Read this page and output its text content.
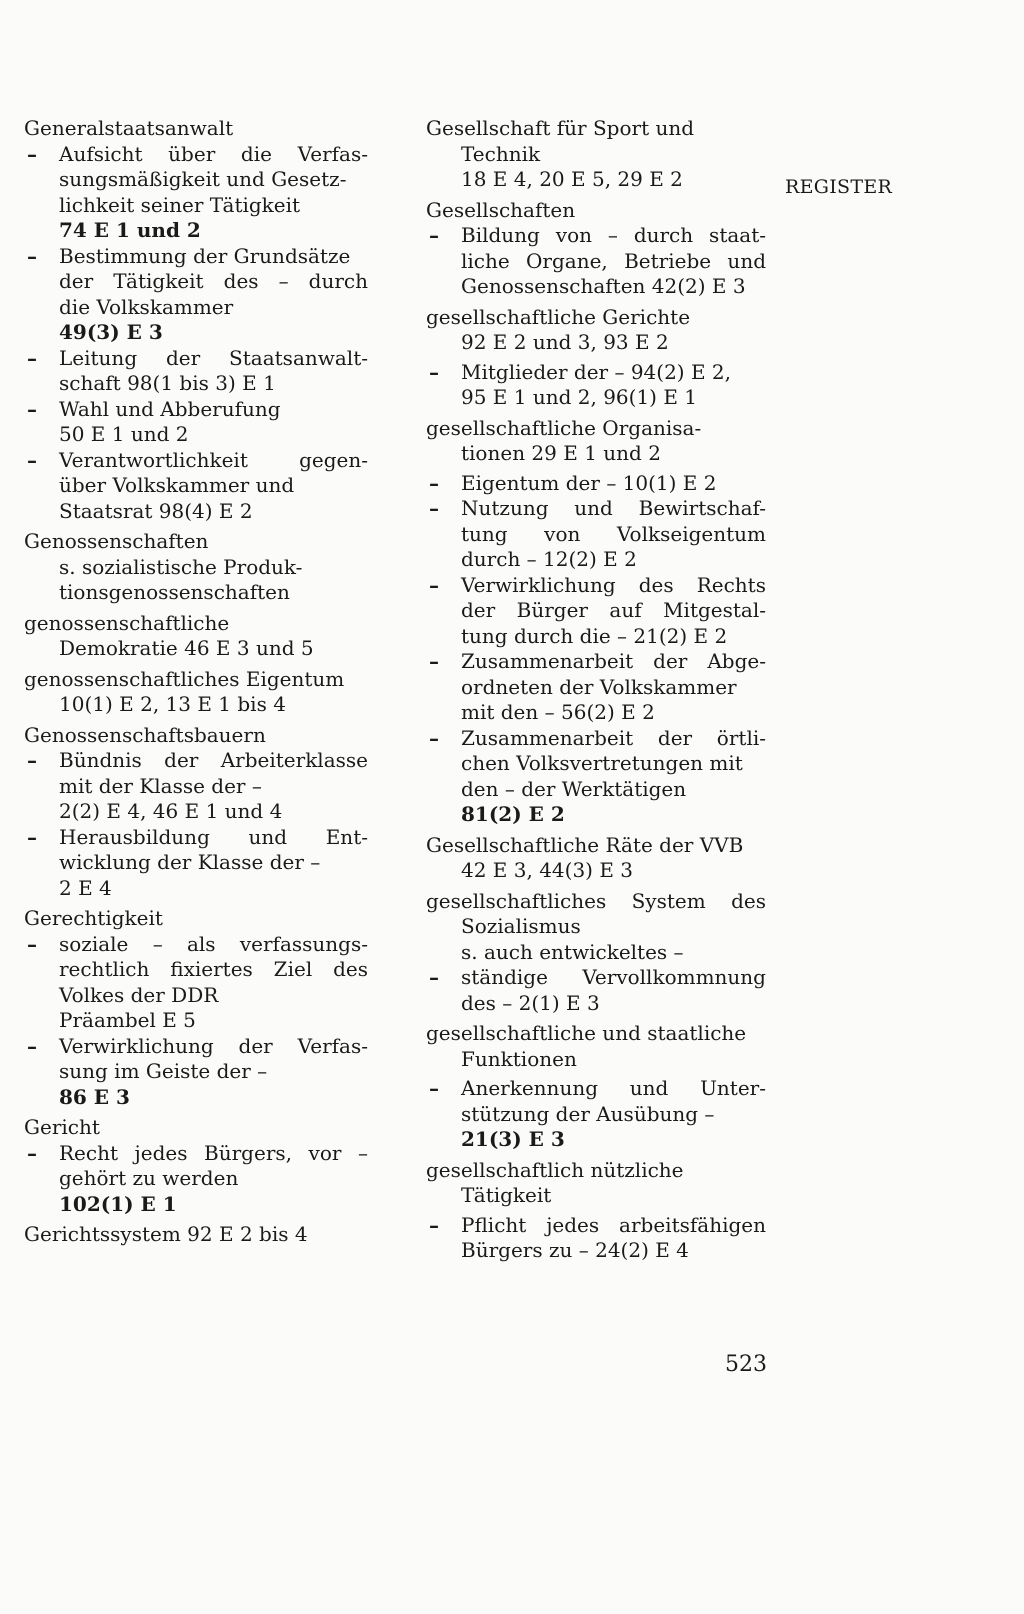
REGISTER
Generalstaatsanwalt
– Aufsicht über die Verfas-
sungsmäßigkeit und Gesetz-
lichkeit seiner Tätigkeit
74 E 1 und 2
– Bestimmung der Grundsätze
der Tätigkeit des – durch
die Volkskammer
49(3) E 3
– Leitung der Staatsanwalt-
schaft 98(1 bis 3) E 1
– Wahl und Abberufung
50 E 1 und 2
– Verantwortlichkeit gegen-
über Volkskammer und
Staatsrat 98(4) E 2
Genossenschaften
s. sozialistische Produk-
tionsgenossenschaften
genossenschaftliche
Demokratie 46 E 3 und 5
genossenschaftliches Eigentum
10(1) E 2, 13 E 1 bis 4
Genossenschaftsbauern
– Bündnis der Arbeiterklasse
mit der Klasse der –
2(2) E 4, 46 E 1 und 4
– Herausbildung und Ent-
wicklung der Klasse der –
2 E 4
Gerechtigkeit
– soziale – als verfassungs-
rechtlich fixiertes Ziel des
Volkes der DDR
Präambel E 5
– Verwirklichung der Verfas-
sung im Geiste der –
86 E 3
Gericht
– Recht jedes Bürgers, vor –
gehört zu werden
102(1) E 1
Gerichtssystem 92 E 2 bis 4
Gesellschaft für Sport und
Technik
18 E 4, 20 E 5, 29 E 2
Gesellschaften
– Bildung von – durch staat-
liche Organe, Betriebe und
Genossenschaften 42(2) E 3
gesellschaftliche Gerichte
92 E 2 und 3, 93 E 2
– Mitglieder der – 94(2) E 2,
95 E 1 und 2, 96(1) E 1
gesellschaftliche Organisa-
tionen 29 E 1 und 2
– Eigentum der – 10(1) E 2
– Nutzung und Bewirtschaf-
tung von Volkseigentum
durch – 12(2) E 2
– Verwirklichung des Rechts
der Bürger auf Mitgestal-
tung durch die – 21(2) E 2
– Zusammenarbeit der Abge-
ordneten der Volkskammer
mit den – 56(2) E 2
– Zusammenarbeit der örtli-
chen Volksvertretungen mit
den – der Werktätigen
81(2) E 2
Gesellschaftliche Räte der VVB
42 E 3, 44(3) E 3
gesellschaftliches System des
Sozialismus
s. auch entwickeltes –
– ständige Vervollkommnung
des – 2(1) E 3
gesellschaftliche und staatliche
Funktionen
– Anerkennung und Unter-
stützung der Ausübung –
21(3) E 3
gesellschaftlich nützliche
Tätigkeit
– Pflicht jedes arbeitsfähigen
Bürgers zu – 24(2) E 4
523
